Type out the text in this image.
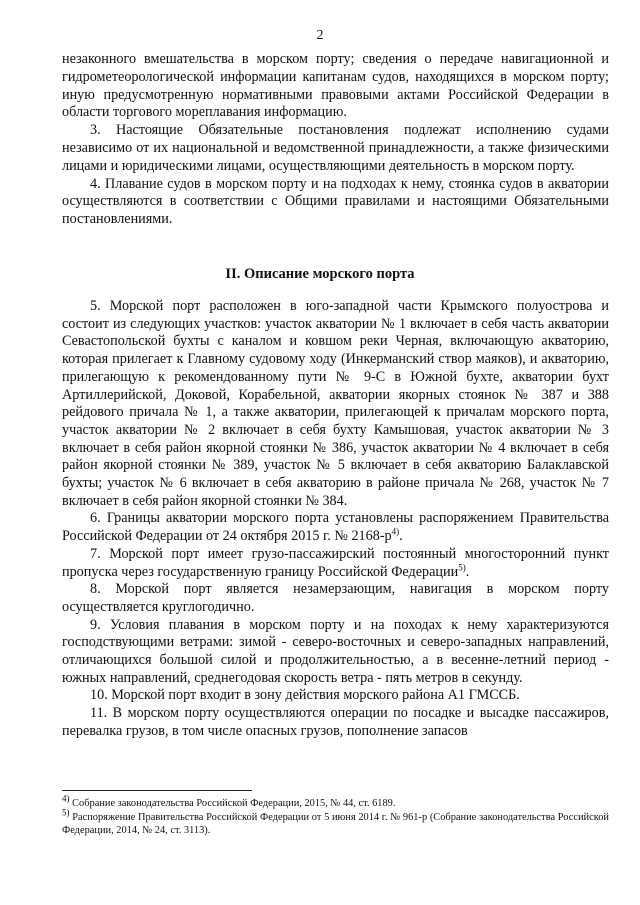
2

незаконного вмешательства в морском порту; сведения о передаче навигационной и гидрометеорологической информации капитанам судов, находящихся в морском порту; иную предусмотренную нормативными правовыми актами Российской Федерации в области торгового мореплавания информацию.

3. Настоящие Обязательные постановления подлежат исполнению судами независимо от их национальной и ведомственной принадлежности, а также физическими лицами и юридическими лицами, осуществляющими деятельность в морском порту.

4. Плавание судов в морском порту и на подходах к нему, стоянка судов в акватории осуществляются в соответствии с Общими правилами и настоящими Обязательными постановлениями.

II. Описание морского порта

5. Морской порт расположен в юго-западной части Крымского полуострова и состоит из следующих участков: участок акватории № 1 включает в себя часть акватории Севастопольской бухты с каналом и ковшом реки Черная, включающую акваторию, которая прилегает к Главному судовому ходу (Инкерманский створ маяков), и акваторию, прилегающую к рекомендованному пути № 9-С в Южной бухте, акватории бухт Артиллерийской, Доковой, Корабельной, акватории якорных стоянок № 387 и 388 рейдового причала № 1, а также акватории, прилегающей к причалам морского порта, участок акватории № 2 включает в себя бухту Камышовая, участок акватории № 3 включает в себя район якорной стоянки № 386, участок акватории № 4 включает в себя район якорной стоянки № 389, участок № 5 включает в себя акваторию Балаклавской бухты; участок № 6 включает в себя акваторию в районе причала № 268, участок № 7 включает в себя район якорной стоянки № 384.

6. Границы акватории морского порта установлены распоряжением Правительства Российской Федерации от 24 октября 2015 г. № $2168-р^{4)}$.

7. Морской порт имеет грузо-пассажирский постоянный многосторонний пункт пропуска через государственную границу Российской Федерации$^{5)}$.

8. Морской порт является незамерзающим, навигация в морском порту осуществляется круглогодично.

9. Условия плавания в морском порту и на походах к нему характеризуются господствующими ветрами: зимой - северо-восточных и северо-западных направлений, отличающихся большой силой и продолжительностью, а в весенне-летний период - южных направлений, среднегодовая скорость ветра - пять метров в секунду.

10. Морской порт входит в зону действия морского района А1 ГМССБ.

11. В морском порту осуществляются операции по посадке и высадке пассажиров, перевалка грузов, в том числе опасных грузов, пополнение запасов

$^{4)}$ Собрание законодательства Российской Федерации, 2015, № 44, ст. 6189.
$^{5)}$ Распоряжение Правительства Российской Федерации от 5 июня 2014 г. № 961-р (Собрание законодательства Российской Федерации, 2014, № 24, ст. 3113).
